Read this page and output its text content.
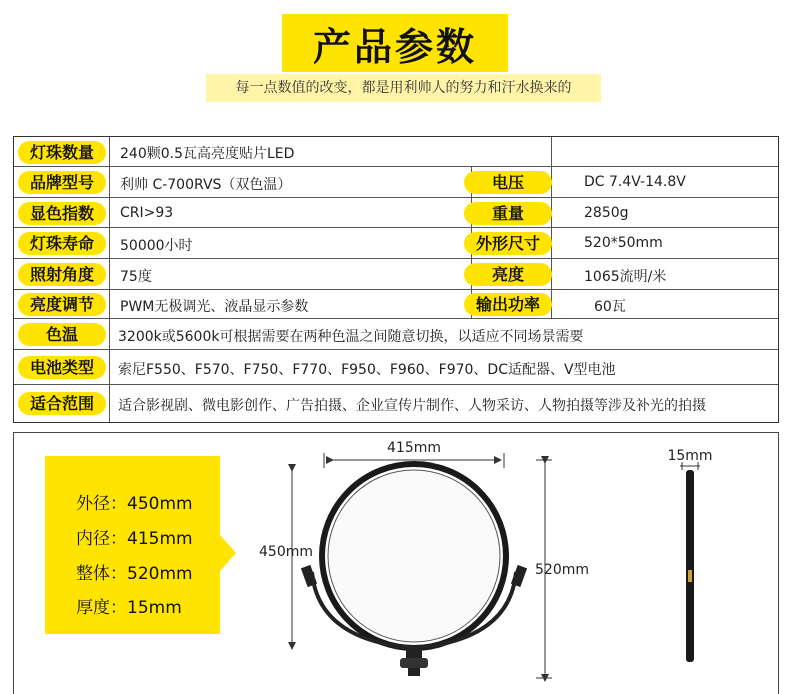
产品参数
每一点数值的改变，都是用利帅人的努力和汗水换来的
灯珠数量	240颗0.5瓦高亮度贴片LED
品牌型号	利帅 C-700RVS（双色温）	电压	DC 7.4V-14.8V
显色指数	CRI>93	重量	2850g
灯珠寿命	50000小时	外形尺寸	520*50mm
照射角度	75度	亮度	1065流明/米
亮度调节	PWM无极调光、液晶显示参数	输出功率	60瓦
色温	3200k或5600k可根据需要在两种色温之间随意切换，以适应不同场景需要
电池类型	索尼F550、F570、F750、F770、F950、F960、F970、DC适配器、V型电池
适合范围	适合影视剧、微电影创作、广告拍摄、企业宣传片制作、人物采访、人物拍摄等涉及补光的拍摄
外径：450mm
内径：415mm
整体：520mm
厚度：15mm
415mm
450mm
520mm
15mm
